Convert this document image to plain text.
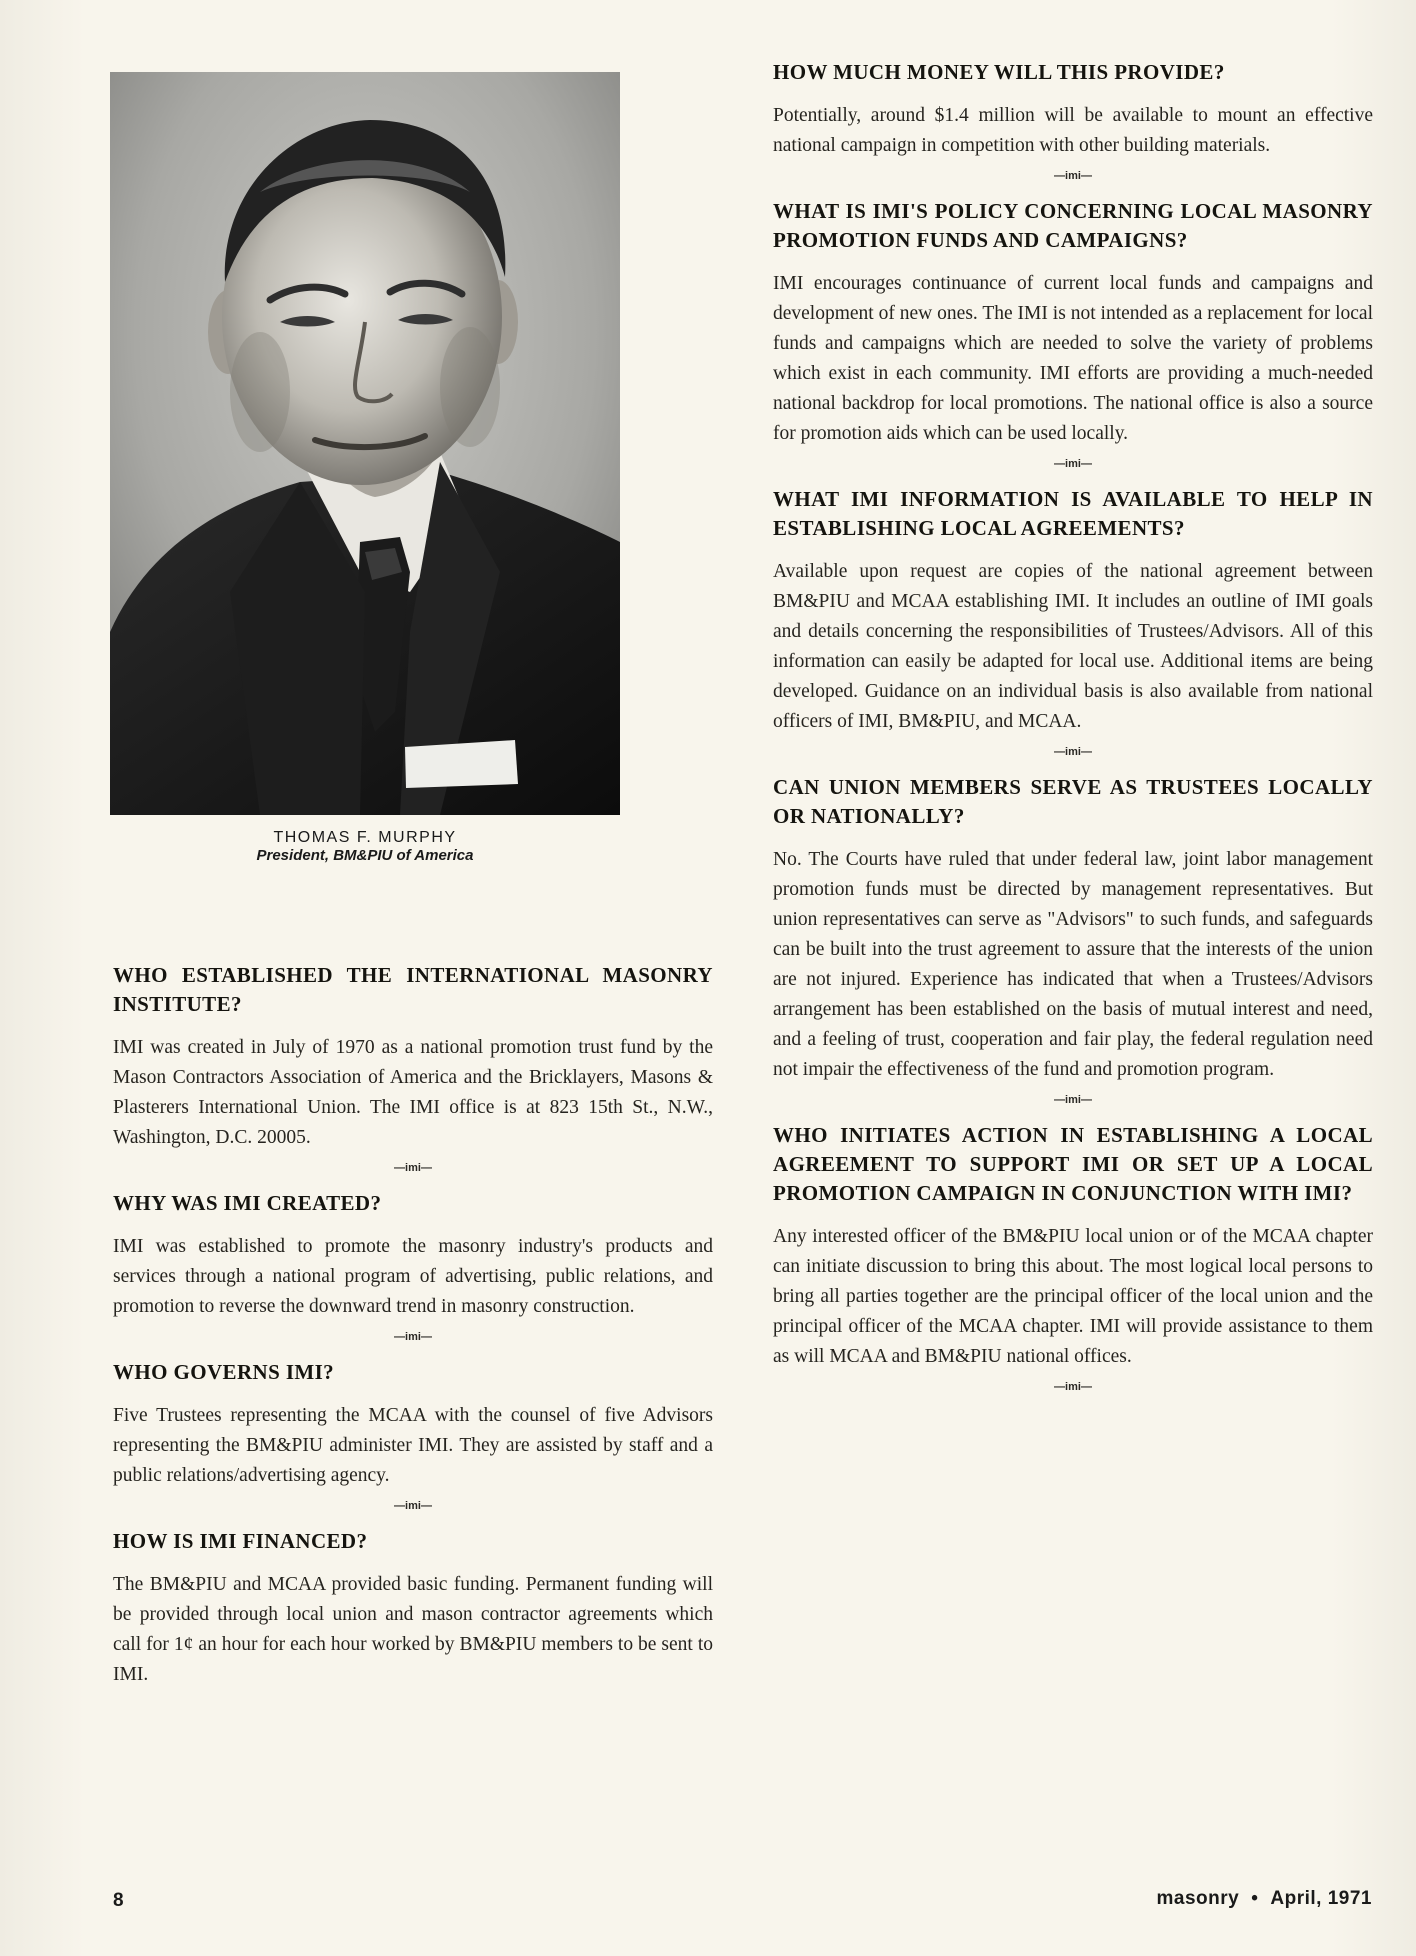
THOMAS F. MURPHY
President, BM&PIU of America
WHO ESTABLISHED THE INTERNATIONAL MASONRY INSTITUTE?

IMI was created in July of 1970 as a national promotion trust fund by the Mason Contractors Association of America and the Bricklayers, Masons & Plasterers International Union. The IMI office is at 823 15th St., N.W., Washington, D.C. 20005.

—imi—
WHY WAS IMI CREATED?

IMI was established to promote the masonry industry's products and services through a national program of advertising, public relations, and promotion to reverse the downward trend in masonry construction.

—imi—
WHO GOVERNS IMI?

Five Trustees representing the MCAA with the counsel of five Advisors representing the BM&PIU administer IMI. They are assisted by staff and a public relations/advertising agency.

—imi—
HOW IS IMI FINANCED?

The BM&PIU and MCAA provided basic funding. Permanent funding will be provided through local union and mason contractor agreements which call for 1¢ an hour for each hour worked by BM&PIU members to be sent to IMI.

HOW MUCH MONEY WILL THIS PROVIDE?

Potentially, around $1.4 million will be available to mount an effective national campaign in competition with other building materials.

—imi—
WHAT IS IMI'S POLICY CONCERNING LOCAL MASONRY PROMOTION FUNDS AND CAMPAIGNS?

IMI encourages continuance of current local funds and campaigns and development of new ones. The IMI is not intended as a replacement for local funds and campaigns which are needed to solve the variety of problems which exist in each community. IMI efforts are providing a much-needed national backdrop for local promotions. The national office is also a source for promotion aids which can be used locally.

—imi—
WHAT IMI INFORMATION IS AVAILABLE TO HELP IN ESTABLISHING LOCAL AGREEMENTS?

Available upon request are copies of the national agreement between BM&PIU and MCAA establishing IMI. It includes an outline of IMI goals and details concerning the responsibilities of Trustees/Advisors. All of this information can easily be adapted for local use. Additional items are being developed. Guidance on an individual basis is also available from national officers of IMI, BM&PIU, and MCAA.

—imi—
CAN UNION MEMBERS SERVE AS TRUSTEES LOCALLY OR NATIONALLY?

No. The Courts have ruled that under federal law, joint labor management promotion funds must be directed by management representatives. But union representatives can serve as "Advisors" to such funds, and safeguards can be built into the trust agreement to assure that the interests of the union are not injured. Experience has indicated that when a Trustees/Advisors arrangement has been established on the basis of mutual interest and need, and a feeling of trust, cooperation and fair play, the federal regulation need not impair the effectiveness of the fund and promotion program.

—imi—
WHO INITIATES ACTION IN ESTABLISHING A LOCAL AGREEMENT TO SUPPORT IMI OR SET UP A LOCAL PROMOTION CAMPAIGN IN CONJUNCTION WITH IMI?

Any interested officer of the BM&PIU local union or of the MCAA chapter can initiate discussion to bring this about. The most logical local persons to bring all parties together are the principal officer of the local union and the principal officer of the MCAA chapter. IMI will provide assistance to them as will MCAA and BM&PIU national offices.

—imi—
8	masonry • April, 1971
